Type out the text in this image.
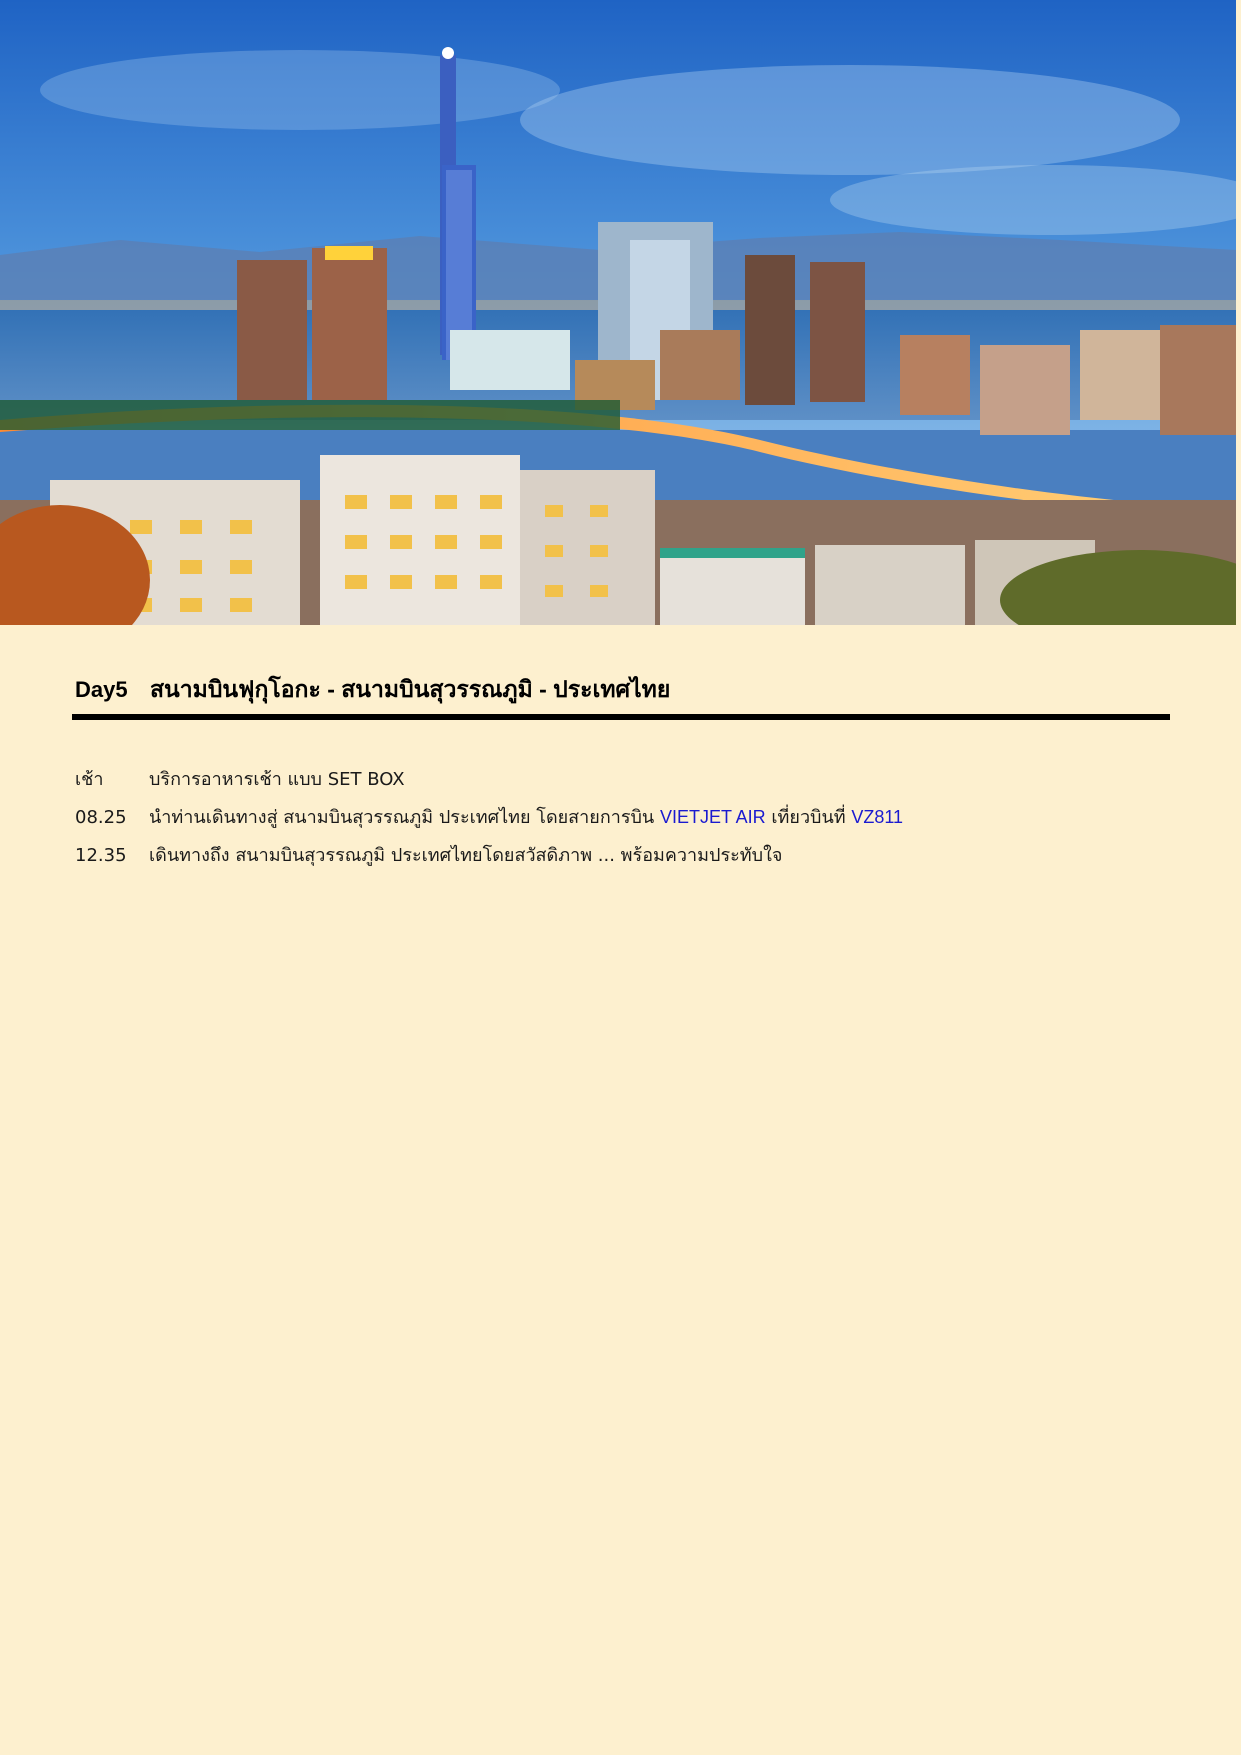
Day5 สนามบินฟุกุโอกะ - สนามบินสุวรรณภูมิ - ประเทศไทย
เช้า	บริการอาหารเช้า แบบ SET BOX
08.25	นำท่านเดินทางสู่ สนามบินสุวรรณภูมิ ประเทศไทย โดยสายการบิน VIETJET AIR เที่ยวบินที่ VZ811
12.35	เดินทางถึง สนามบินสุวรรณภูมิ ประเทศไทยโดยสวัสดิภาพ ... พร้อมความประทับใจ
